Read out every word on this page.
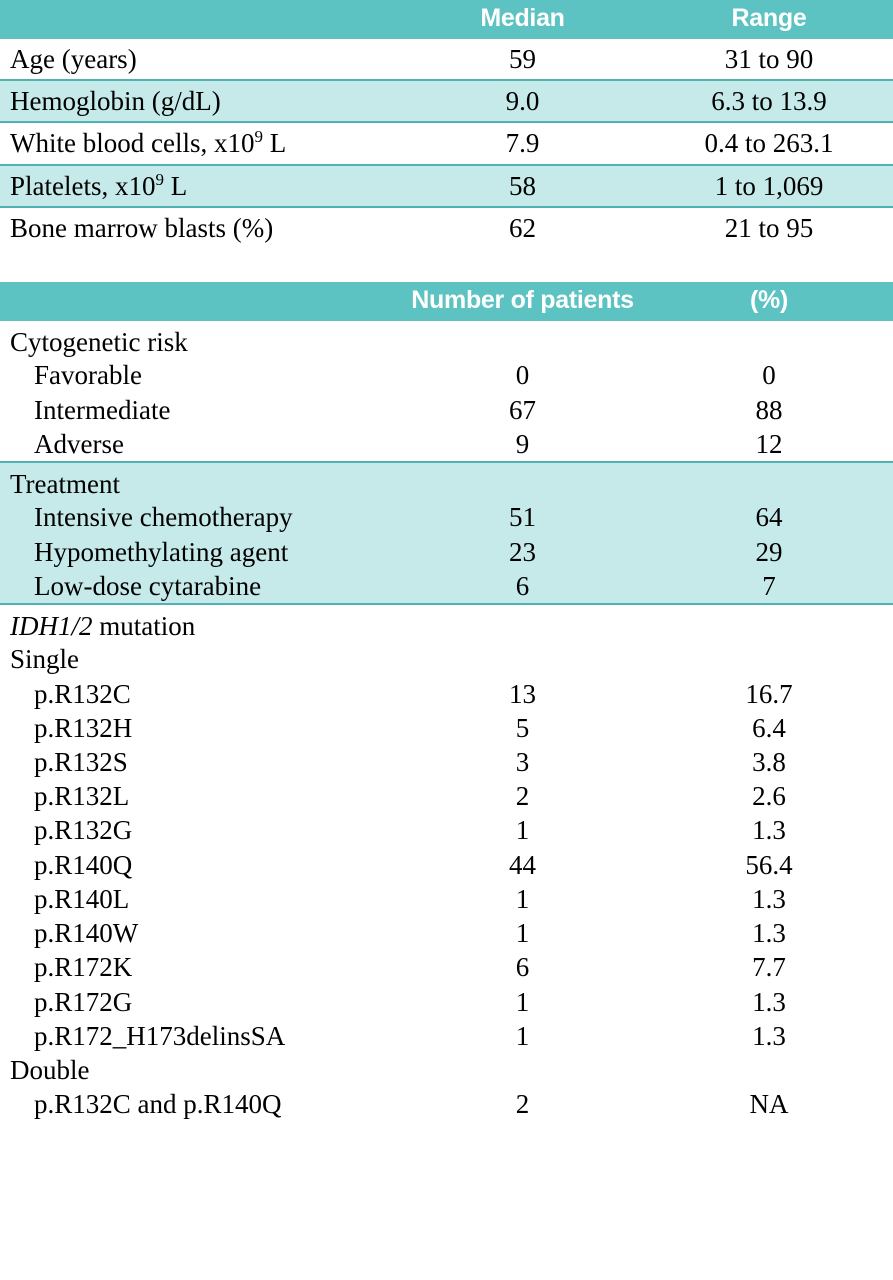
	Median	Range
Age (years)	59	31 to 90
Hemoglobin (g/dL)	9.0	6.3 to 13.9
White blood cells, $x10^9$ L	7.9	0.4 to 263.1
Platelets, $x10^9$ L	58	1 to 1,069
Bone marrow blasts (%)	62	21 to 95
	Number of patients	(%)
Cytogenetic risk		
Favorable	0	0
Intermediate	67	88
Adverse	9	12
Treatment		
Intensive chemotherapy	51	64
Hypomethylating agent	23	29
Low-dose cytarabine	6	7
IDH1/2 mutation		
Single		
p.R132C	13	16.7
p.R132H	5	6.4
p.R132S	3	3.8
p.R132L	2	2.6
p.R132G	1	1.3
p.R140Q	44	56.4
p.R140L	1	1.3
p.R140W	1	1.3
p.R172K	6	7.7
p.R172G	1	1.3
p.R172_H173delinsSA	1	1.3
Double		
p.R132C and p.R140Q	2	NA
